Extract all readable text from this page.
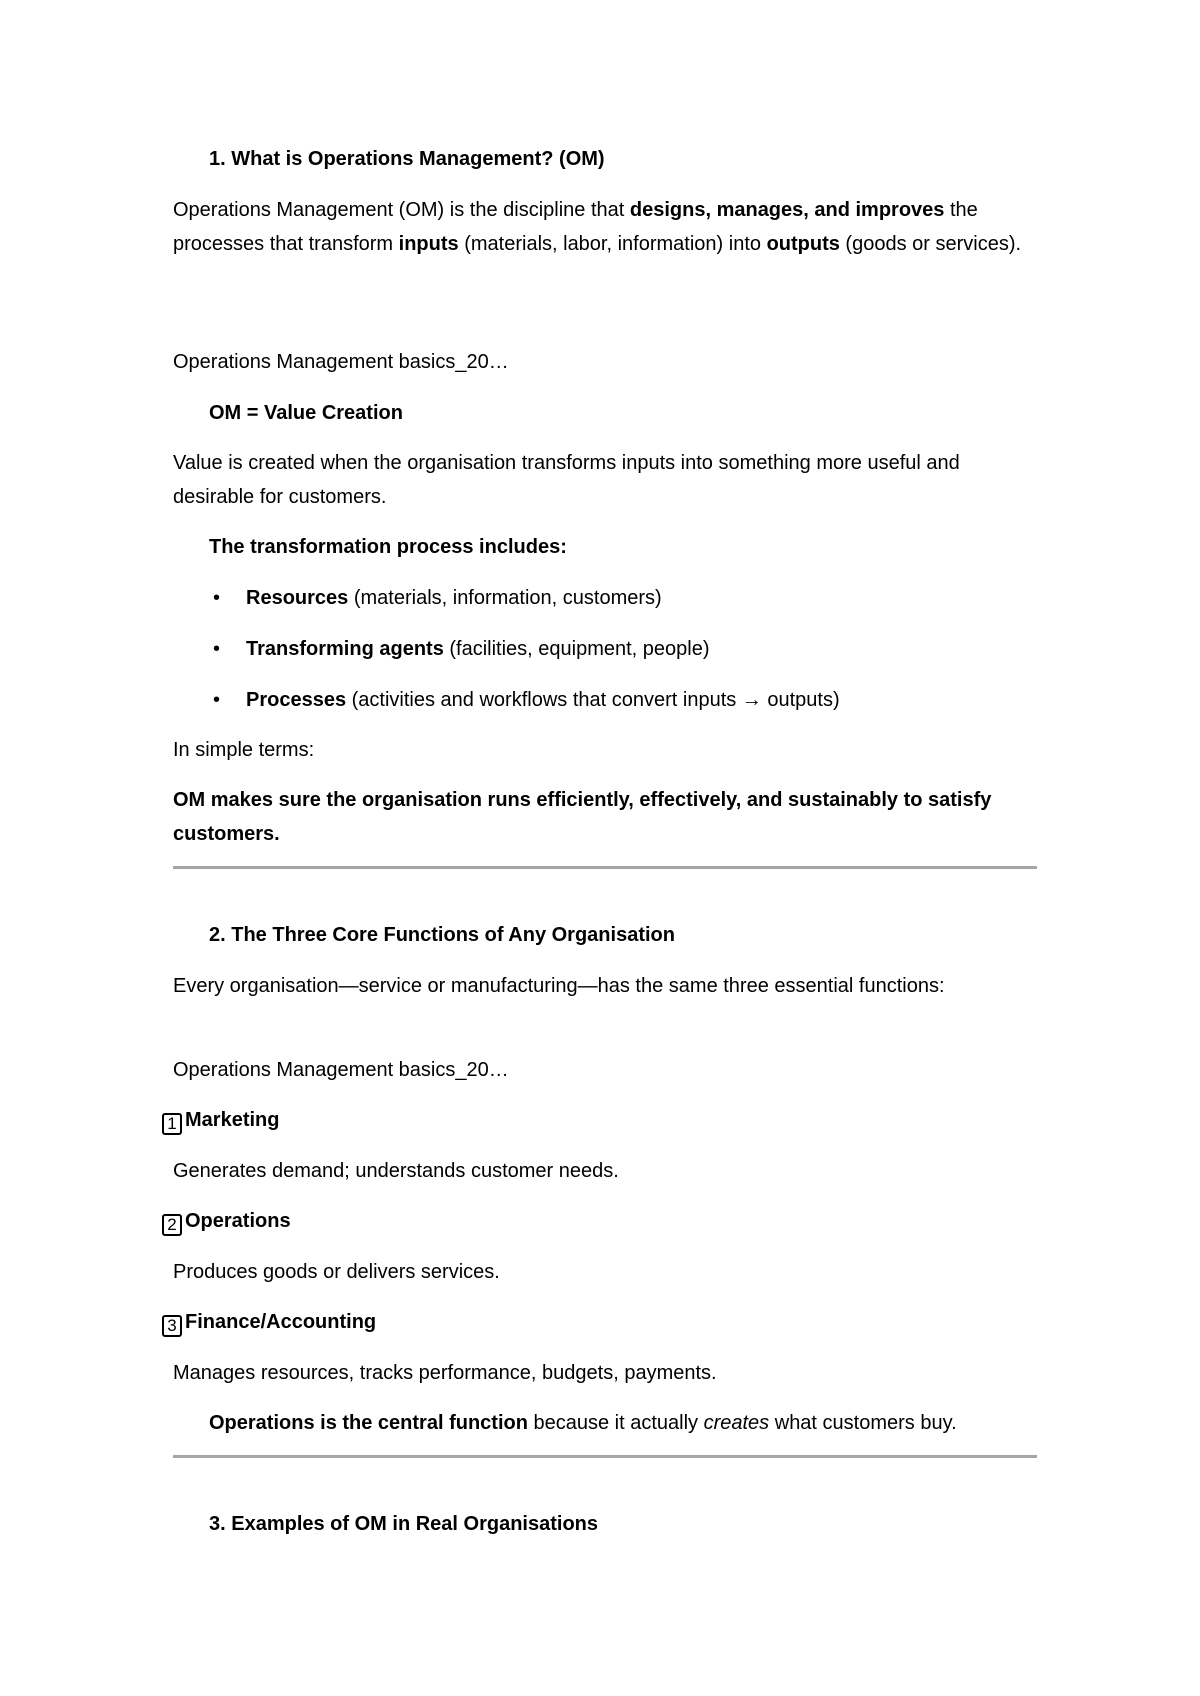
1. What is Operations Management? (OM)

Operations Management (OM) is the discipline that designs, manages, and improves the processes that transform inputs (materials, labor, information) into outputs (goods or services).

Operations Management basics_20…

OM = Value Creation

Value is created when the organisation transforms inputs into something more useful and desirable for customers.

The transformation process includes:

• Resources (materials, information, customers)
• Transforming agents (facilities, equipment, people)
• Processes (activities and workflows that convert inputs → outputs)

In simple terms:

OM makes sure the organisation runs efficiently, effectively, and sustainably to satisfy customers.

2. The Three Core Functions of Any Organisation

Every organisation—service or manufacturing—has the same three essential functions:

Operations Management basics_20…

1 Marketing

Generates demand; understands customer needs.

2 Operations

Produces goods or delivers services.

3 Finance/Accounting

Manages resources, tracks performance, budgets, payments.

Operations is the central function because it actually creates what customers buy.

3. Examples of OM in Real Organisations
